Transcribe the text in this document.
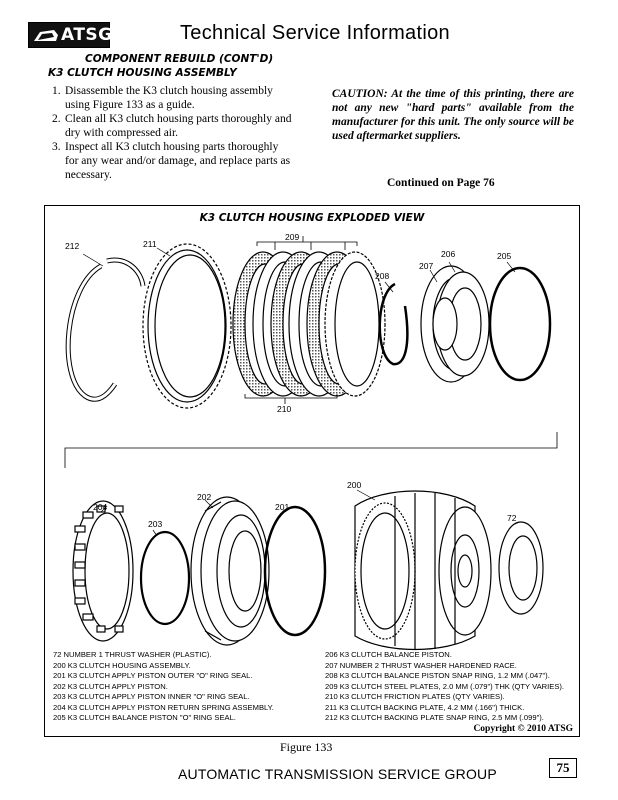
ATSG	Technical Service Information
COMPONENT REBUILD (CONT'D)
K3 CLUTCH HOUSING ASSEMBLY
1. Disassemble the K3 clutch housing assembly using Figure 133 as a guide.
2. Clean all K3 clutch housing parts thoroughly and dry with compressed air.
3. Inspect all K3 clutch housing parts thoroughly for any wear and/or damage, and replace parts as necessary.
CAUTION: At the time of this printing, there are not any new "hard parts" available from the manufacturer for this unit. The only source will be used aftermarket suppliers.
Continued on Page 76
K3 CLUTCH HOUSING EXPLODED VIEW
212	211
209
208
207
206	205
210
200
204
202
203
201
72
72 NUMBER 1 THRUST WASHER (PLASTIC).
200 K3 CLUTCH HOUSING ASSEMBLY.
201 K3 CLUTCH APPLY PISTON OUTER "O" RING SEAL.
202 K3 CLUTCH APPLY PISTON.
203 K3 CLUTCH APPLY PISTON INNER "O" RING SEAL.
204 K3 CLUTCH APPLY PISTON RETURN SPRING ASSEMBLY.
205 K3 CLUTCH BALANCE PISTON "O" RING SEAL.
206 K3 CLUTCH BALANCE PISTON.
207 NUMBER 2 THRUST WASHER HARDENED RACE.
208 K3 CLUTCH BALANCE PISTON SNAP RING, 1.2 MM (.047").
209 K3 CLUTCH STEEL PLATES, 2.0 MM (.079") THK (QTY VARIES).
210 K3 CLUTCH FRICTION PLATES (QTY VARIES).
211 K3 CLUTCH BACKING PLATE, 4.2 MM (.166") THICK.
212 K3 CLUTCH BACKING PLATE SNAP RING, 2.5 MM (.099").
Copyright © 2010 ATSG
Figure 133
AUTOMATIC TRANSMISSION SERVICE GROUP	75
